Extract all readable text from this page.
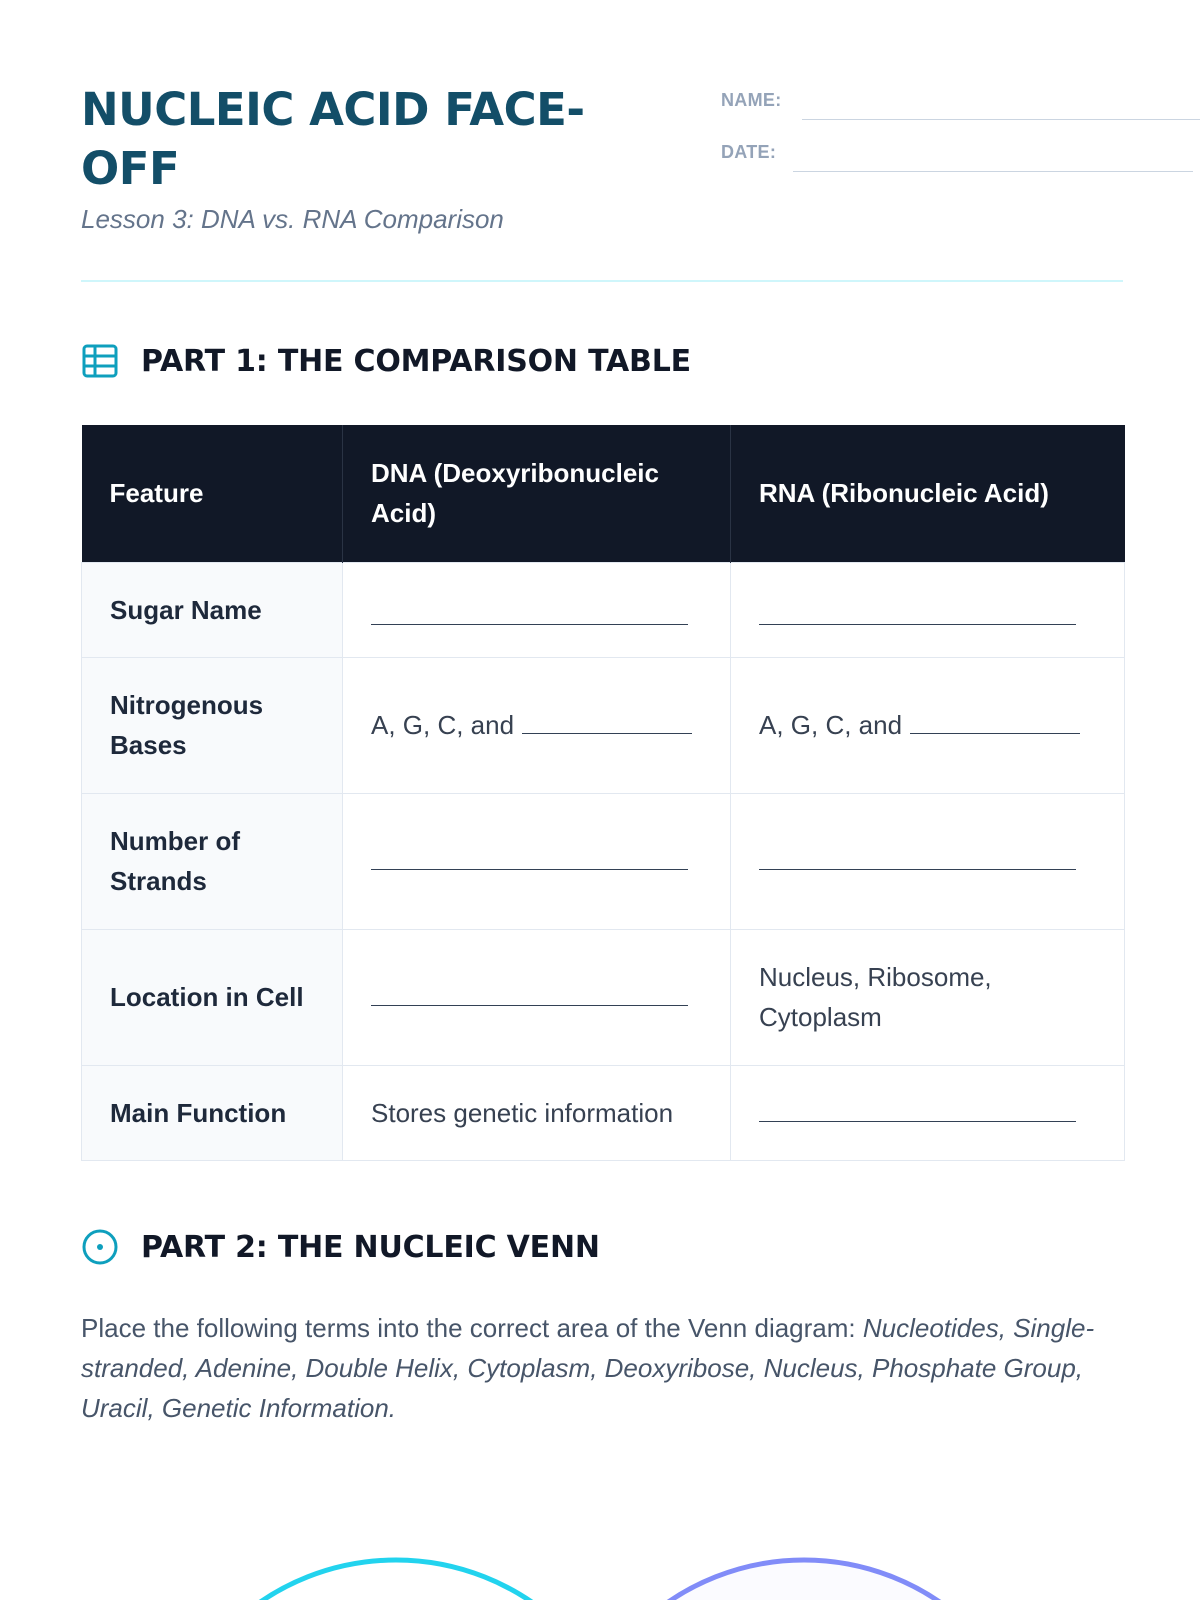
NUCLEIC ACID FACE-OFF
Lesson 3: DNA vs. RNA Comparison
NAME:
DATE:
PART 1: THE COMPARISON TABLE
Feature	DNA (Deoxyribonucleic Acid)	RNA (Ribonucleic Acid)
Sugar Name		
Nitrogenous Bases	A, G, C, and	A, G, C, and
Number of Strands		
Location in Cell		Nucleus, Ribosome, Cytoplasm
Main Function	Stores genetic information	
PART 2: THE NUCLEIC VENN

Place the following terms into the correct area of the Venn diagram: Nucleotides, Single-stranded, Adenine, Double Helix, Cytoplasm, Deoxyribose, Nucleus, Phosphate Group, Uracil, Genetic Information.
